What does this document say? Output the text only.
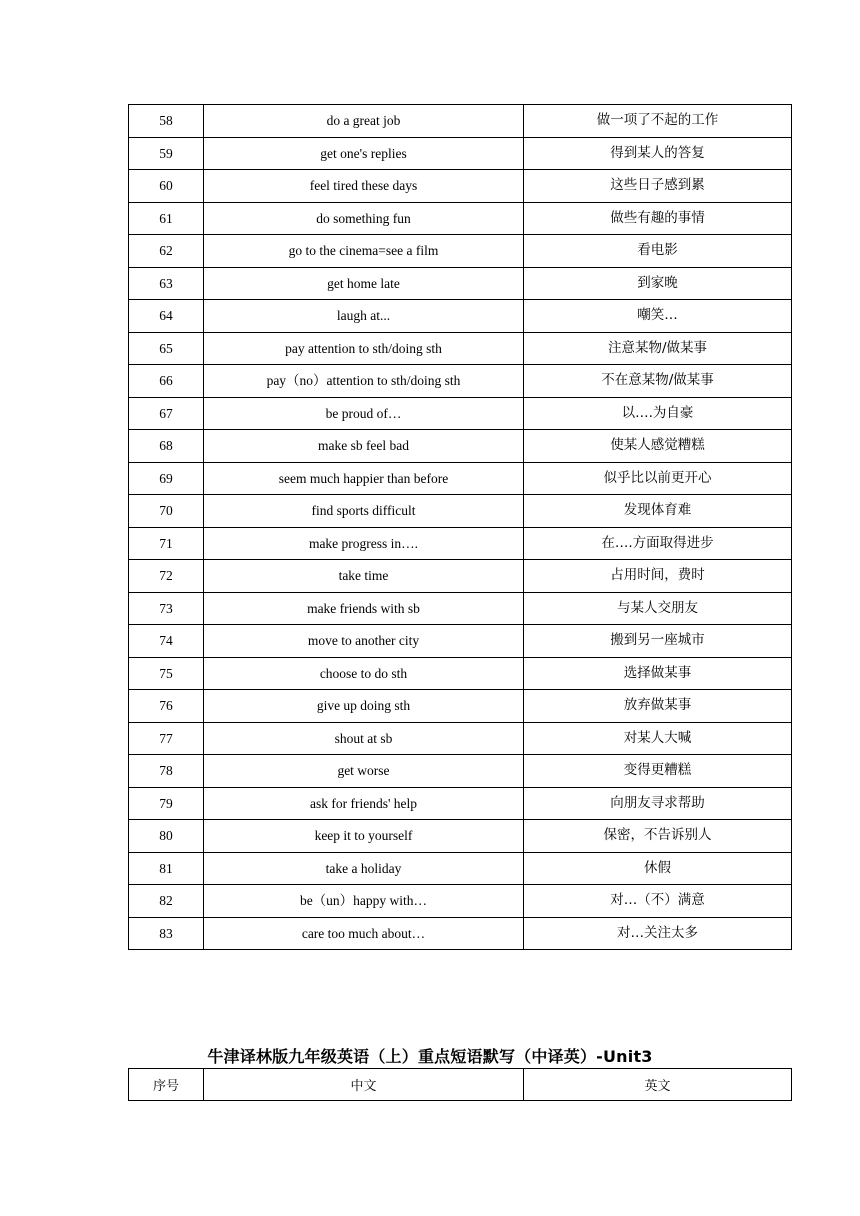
58	do a great job	做一项了不起的工作
59	get one's replies	得到某人的答复
60	feel tired these days	这些日子感到累
61	do something fun	做些有趣的事情
62	go to the cinema=see a film	看电影
63	get home late	到家晚
64	laugh at...	嘲笑…
65	pay attention to sth/doing sth	注意某物/做某事
66	pay（no）attention to sth/doing sth	不在意某物/做某事
67	be proud of…	以….为自豪
68	make sb feel bad	使某人感觉糟糕
69	seem much happier than before	似乎比以前更开心
70	find sports difficult	发现体育难
71	make progress in….	在….方面取得进步
72	take time	占用时间，费时
73	make friends with sb	与某人交朋友
74	move to another city	搬到另一座城市
75	choose to do sth	选择做某事
76	give up doing sth	放弃做某事
77	shout at sb	对某人大喊
78	get worse	变得更糟糕
79	ask for friends' help	向朋友寻求帮助
80	keep it to yourself	保密，不告诉别人
81	take a holiday	休假
82	be（un）happy with…	对…（不）满意
83	care too much about…	对…关注太多
牛津译林版九年级英语（上）重点短语默写（中译英）-Unit3
序号	中文	英文
